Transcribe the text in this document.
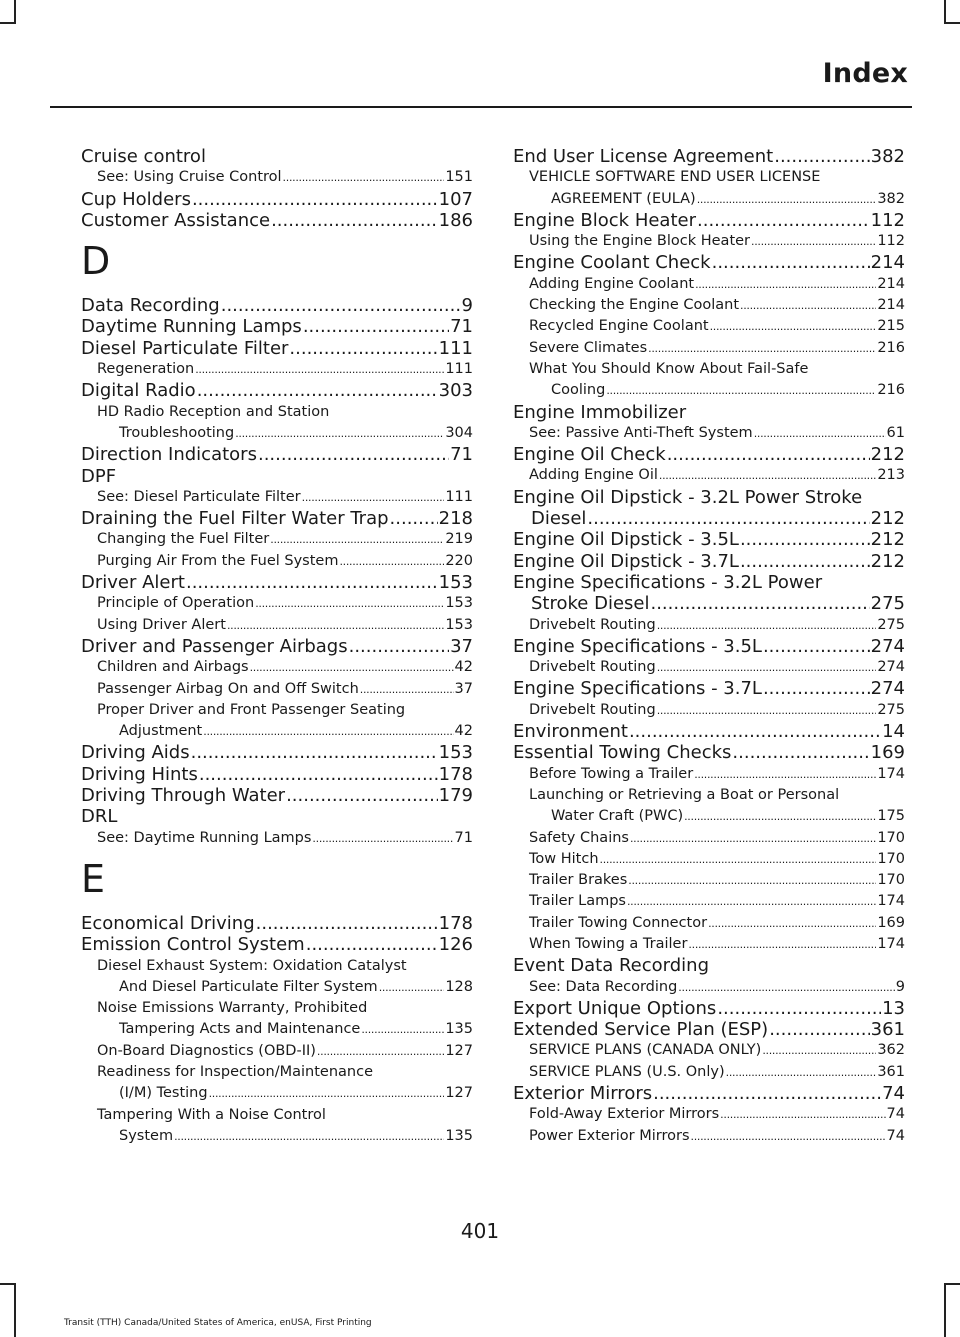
Index
Cruise control
See: Using Cruise Control .....	151
Cup Holders .....	107
Customer Assistance .....	186
D
Data Recording .....	9
Daytime Running Lamps .....	71
Diesel Particulate Filter .....	111
Regeneration .....	111
Digital Radio .....	303
HD Radio Reception and Station
Troubleshooting .....	304
Direction Indicators .....	71
DPF
See: Diesel Particulate Filter .....	111
Draining the Fuel Filter Water Trap .....	218
Changing the Fuel Filter .....	219
Purging Air From the Fuel System .....	220
Driver Alert .....	153
Principle of Operation .....	153
Using Driver Alert .....	153
Driver and Passenger Airbags .....	37
Children and Airbags .....	42
Passenger Airbag On and Off Switch .....	37
Proper Driver and Front Passenger Seating
Adjustment .....	42
Driving Aids .....	153
Driving Hints .....	178
Driving Through Water .....	179
DRL
See: Daytime Running Lamps .....	71
E
Economical Driving .....	178
Emission Control System .....	126
Diesel Exhaust System: Oxidation Catalyst
And Diesel Particulate Filter System .....	128
Noise Emissions Warranty, Prohibited
Tampering Acts and Maintenance .....	135
On-Board Diagnostics (OBD-II) .....	127
Readiness for Inspection/Maintenance
(I/M) Testing .....	127
Tampering With a Noise Control
System .....	135
End User License Agreement .....	382
VEHICLE SOFTWARE END USER LICENSE
AGREEMENT (EULA) .....	382
Engine Block Heater .....	112
Using the Engine Block Heater .....	112
Engine Coolant Check .....	214
Adding Engine Coolant .....	214
Checking the Engine Coolant .....	214
Recycled Engine Coolant .....	215
Severe Climates .....	216
What You Should Know About Fail-Safe
Cooling .....	216
Engine Immobilizer
See: Passive Anti-Theft System .....	61
Engine Oil Check .....	212
Adding Engine Oil .....	213
Engine Oil Dipstick - 3.2L Power Stroke
Diesel .....	212
Engine Oil Dipstick - 3.5L .....	212
Engine Oil Dipstick - 3.7L .....	212
Engine Specifications - 3.2L Power
Stroke Diesel .....	275
Drivebelt Routing .....	275
Engine Specifications - 3.5L .....	274
Drivebelt Routing .....	274
Engine Specifications - 3.7L .....	274
Drivebelt Routing .....	275
Environment .....	14
Essential Towing Checks .....	169
Before Towing a Trailer .....	174
Launching or Retrieving a Boat or Personal
Water Craft (PWC) .....	175
Safety Chains .....	170
Tow Hitch .....	170
Trailer Brakes .....	170
Trailer Lamps .....	174
Trailer Towing Connector .....	169
When Towing a Trailer .....	174
Event Data Recording
See: Data Recording .....	9
Export Unique Options .....	13
Extended Service Plan (ESP) .....	361
SERVICE PLANS (CANADA ONLY) .....	362
SERVICE PLANS (U.S. Only) .....	361
Exterior Mirrors .....	74
Fold-Away Exterior Mirrors .....	74
Power Exterior Mirrors .....	74
401
Transit (TTH) Canada/United States of America, enUSA, First Printing
